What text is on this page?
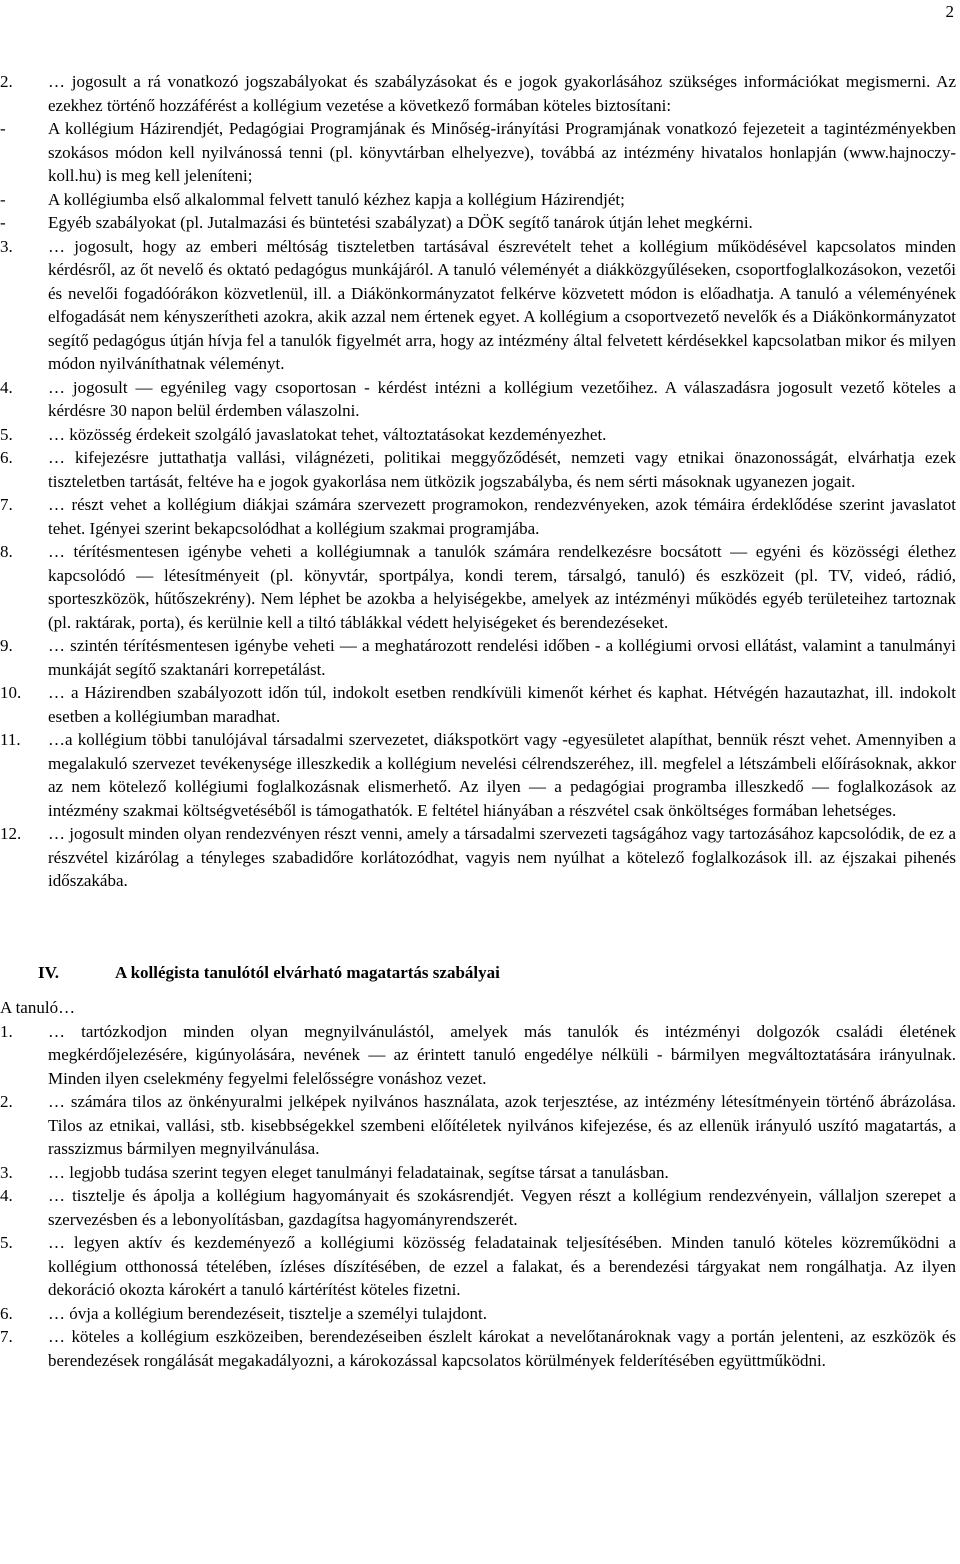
2
2.	… jogosult a rá vonatkozó jogszabályokat és szabályzásokat és e jogok gyakorlásához szükséges információkat megismerni. Az ezekhez történő hozzáférést a kollégium vezetése a következő formában köteles biztosítani:
-	A kollégium Házirendjét, Pedagógiai Programjának és Minőség-irányítási Programjának vonatkozó fejezeteit a tagintézményekben szokásos módon kell nyilvánossá tenni (pl. könyvtárban elhelyezve), továbbá az intézmény hivatalos honlapján (www.hajnoczy-koll.hu) is meg kell jeleníteni;
-	A kollégiumba első alkalommal felvett tanuló kézhez kapja a kollégium Házirendjét;
-	Egyéb szabályokat (pl. Jutalmazási és büntetési szabályzat) a DÖK segítő tanárok útján lehet megkérni.
3.	… jogosult, hogy az emberi méltóság tiszteletben tartásával észrevételt tehet a kollégium működésével kapcsolatos minden kérdésről, az őt nevelő és oktató pedagógus munkájáról. A tanuló véleményét a diákközgyűléseken, csoportfoglalkozásokon, vezetői és nevelői fogadóórákon közvetlenül, ill. a Diákönkormányzatot felkérve közvetett módon is előadhatja. A tanuló a véleményének elfogadását nem kényszerítheti azokra, akik azzal nem értenek egyet. A kollégium a csoportvezető nevelők és a Diákönkormányzatot segítő pedagógus útján hívja fel a tanulók figyelmét arra, hogy az intézmény által felvetett kérdésekkel kapcsolatban mikor és milyen módon nyilváníthatnak véleményt.
4.	… jogosult — egyénileg vagy csoportosan - kérdést intézni a kollégium vezetőihez. A válaszadásra jogosult vezető köteles a kérdésre 30 napon belül érdemben válaszolni.
5.	… közösség érdekeit szolgáló javaslatokat tehet, változtatásokat kezdeményezhet.
6.	… kifejezésre juttathatja vallási, világnézeti, politikai meggyőződését, nemzeti vagy etnikai önazonosságát, elvárhatja ezek tiszteletben tartását, feltéve ha e jogok gyakorlása nem ütközik jogszabályba, és nem sérti másoknak ugyanezen jogait.
7.	… részt vehet a kollégium diákjai számára szervezett programokon, rendezvényeken, azok témáira érdeklődése szerint javaslatot tehet. Igényei szerint bekapcsolódhat a kollégium szakmai programjába.
8.	… térítésmentesen igénybe veheti a kollégiumnak a tanulók számára rendelkezésre bocsátott — egyéni és közösségi élethez kapcsolódó — létesítményeit (pl. könyvtár, sportpálya, kondi terem, társalgó, tanuló) és eszközeit (pl. TV, videó, rádió, sporteszközök, hűtőszekrény). Nem léphet be azokba a helyiségekbe, amelyek az intézményi működés egyéb területeihez tartoznak (pl. raktárak, porta), és kerülnie kell a tiltó táblákkal védett helyiségeket és berendezéseket.
9.	… szintén térítésmentesen igénybe veheti — a meghatározott rendelési időben - a kollégiumi orvosi ellátást, valamint a tanulmányi munkáját segítő szaktanári korrepetálást.
10.	… a Házirendben szabályozott időn túl, indokolt esetben rendkívüli kimenőt kérhet és kaphat. Hétvégén hazautazhat, ill. indokolt esetben a kollégiumban maradhat.
11.	…a kollégium többi tanulójával társadalmi szervezetet, diákspotkört vagy -egyesületet alapíthat, bennük részt vehet. Amennyiben a megalakuló szervezet tevékenysége illeszkedik a kollégium nevelési célrendszeréhez, ill. megfelel a létszámbeli előírásoknak, akkor az nem kötelező kollégiumi foglalkozásnak elismerhető. Az ilyen — a pedagógiai programba illeszkedő — foglalkozások az intézmény szakmai költségvetéséből is támogathatók. E feltétel hiányában a részvétel csak önköltséges formában lehetséges.
12.	… jogosult minden olyan rendezvényen részt venni, amely a társadalmi szervezeti tagságához vagy tartozásához kapcsolódik, de ez a részvétel kizárólag a tényleges szabadidőre korlátozódhat, vagyis nem nyúlhat a kötelező foglalkozások ill. az éjszakai pihenés időszakába.
IV.	A kollégista tanulótól elvárható magatartás szabályai
A tanuló…
1.	… tartózkodjon minden olyan megnyilvánulástól, amelyek más tanulók és intézményi dolgozók családi életének megkérdőjelezésére, kigúnyolására, nevének — az érintett tanuló engedélye nélküli - bármilyen megváltoztatására irányulnak. Minden ilyen cselekmény fegyelmi felelősségre vonáshoz vezet.
2.	… számára tilos az önkényuralmi jelképek nyilvános használata, azok terjesztése, az intézmény létesítményein történő ábrázolása. Tilos az etnikai, vallási, stb. kisebbségekkel szembeni előítéletek nyilvános kifejezése, és az ellenük irányuló uszító magatartás, a rasszizmus bármilyen megnyilvánulása.
3.	… legjobb tudása szerint tegyen eleget tanulmányi feladatainak, segítse társat a tanulásban.
4.	… tisztelje és ápolja a kollégium hagyományait és szokásrendjét. Vegyen részt a kollégium rendezvényein, vállaljon szerepet a szervezésben és a lebonyolításban, gazdagítsa hagyományrendszerét.
5.	… legyen aktív és kezdeményező a kollégiumi közösség feladatainak teljesítésében. Minden tanuló köteles közreműködni a kollégium otthonossá tételében, ízléses díszítésében, de ezzel a falakat, és a berendezési tárgyakat nem rongálhatja. Az ilyen dekoráció okozta károkért a tanuló kártérítést köteles fizetni.
6.	… óvja a kollégium berendezéseit, tisztelje a személyi tulajdont.
7.	… köteles a kollégium eszközeiben, berendezéseiben észlelt károkat a nevelőtanároknak vagy a portán jelenteni, az eszközök és berendezések rongálását megakadályozni, a károkozással kapcsolatos körülmények felderítésében együttműködni.
